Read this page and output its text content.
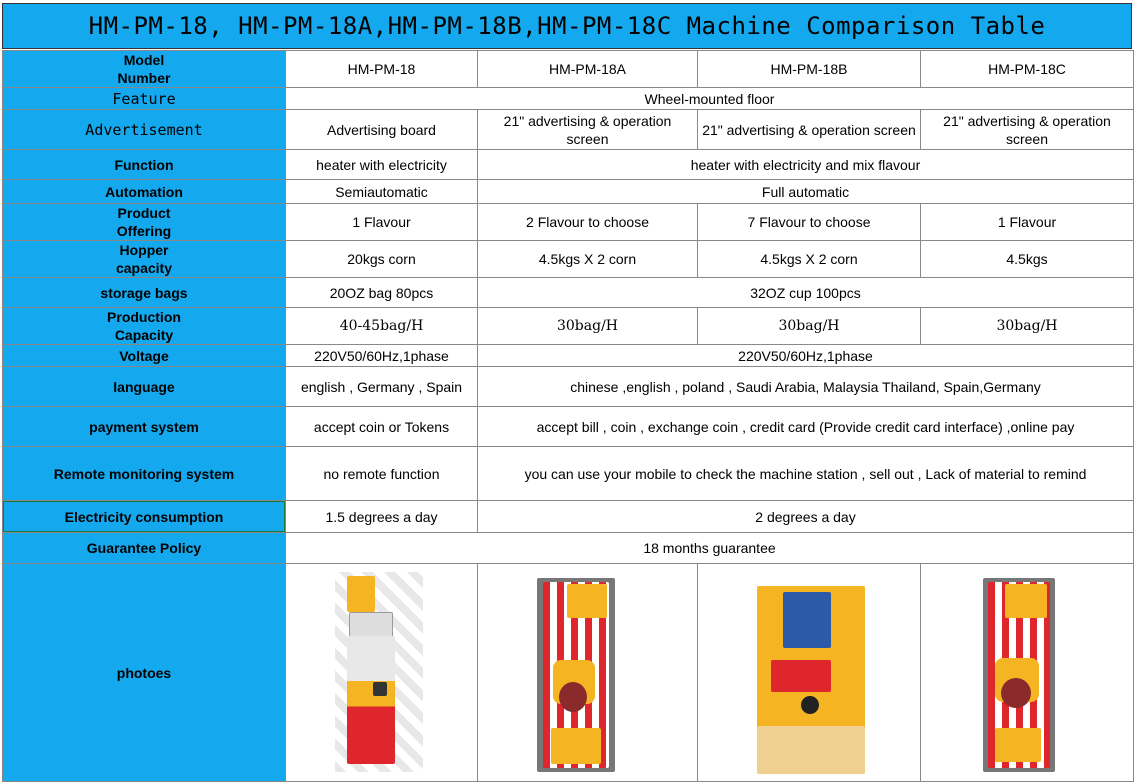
HM-PM-18, HM-PM-18A,HM-PM-18B,HM-PM-18C Machine Comparison Table
Model
Number	HM-PM-18	HM-PM-18A	HM-PM-18B	HM-PM-18C
Feature	Wheel-mounted floor			
Advertisement	Advertising board	21" advertising & operation screen	21" advertising & operation screen	21" advertising & operation screen
Function	heater with electricity	heater with electricity and mix flavour		
Automation	Semiautomatic	Full automatic		

Product
Offering	1 Flavour	2 Flavour to choose	7 Flavour to choose	1 Flavour

Hopper
capacity	20kgs corn	4.5kgs X 2 corn	4.5kgs X 2 corn	4.5kgs
storage bags	20OZ bag 80pcs	32OZ cup 100pcs		

Production
Capacity	40-45bag/H	30bag/H	30bag/H	30bag/H
Voltage	220V50/60Hz,1phase	220V50/60Hz,1phase		
language	english , Germany , Spain	chinese ,english , poland , Saudi Arabia, Malaysia Thailand, Spain,Germany		
payment system	accept coin or Tokens	accept bill , coin , exchange coin , credit card (Provide credit card interface) ,online pay		
Remote monitoring system	no remote function	you can use your mobile to check the machine station , sell out , Lack of material to remind		
Electricity consumption	1.5 degrees a day	2 degrees a day		
Guarantee Policy	18 months guarantee			
photoes	
